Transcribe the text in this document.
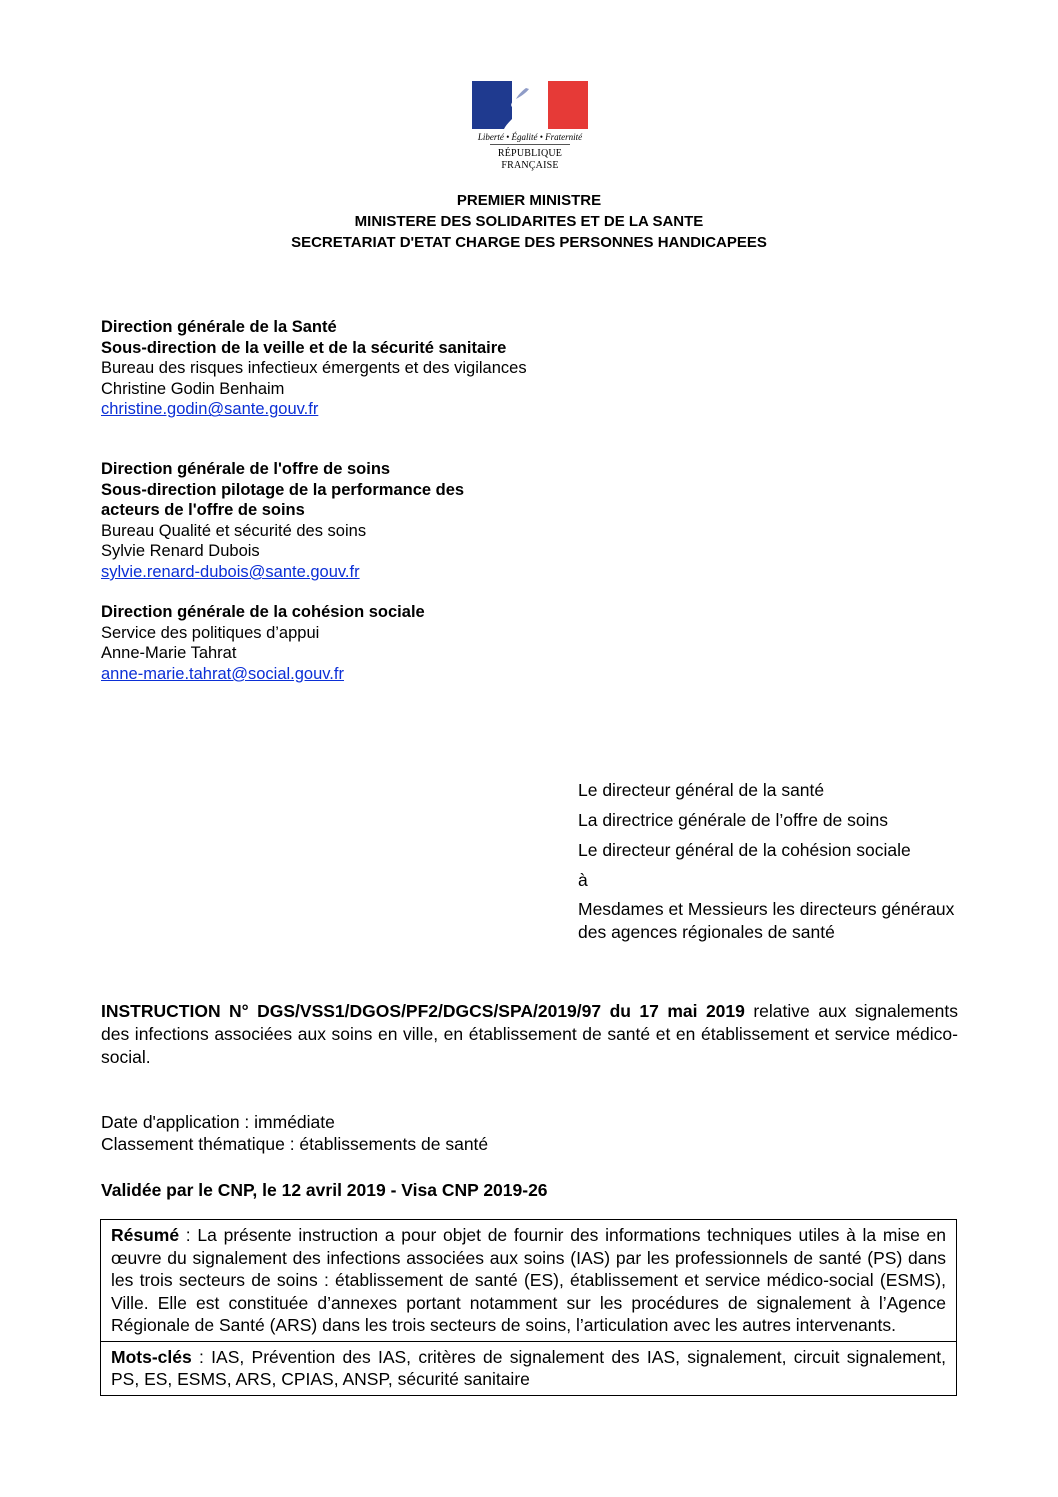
Liberté • Égalité • Fraternité
RÉPUBLIQUE FRANÇAISE
PREMIER MINISTRE
MINISTERE DES SOLIDARITES ET DE LA SANTE
SECRETARIAT D'ETAT CHARGE DES PERSONNES HANDICAPEES
Direction générale de la Santé
Sous-direction de la veille et de la sécurité sanitaire
Bureau des risques infectieux émergents et des vigilances
Christine Godin Benhaim
christine.godin@sante.gouv.fr
Direction générale de l'offre de soins
Sous-direction pilotage de la performance des acteurs de l'offre de soins
Bureau Qualité et sécurité des soins
Sylvie Renard Dubois
sylvie.renard-dubois@sante.gouv.fr
Direction générale de la cohésion sociale
Service des politiques d’appui
Anne-Marie Tahrat
anne-marie.tahrat@social.gouv.fr
Le directeur général de la santé
La directrice générale de l’offre de soins
Le directeur général de la cohésion sociale
à
Mesdames et Messieurs les directeurs généraux des agences régionales de santé
INSTRUCTION N° DGS/VSS1/DGOS/PF2/DGCS/SPA/2019/97 du 17 mai 2019 relative aux signalements des infections associées aux soins en ville, en établissement de santé et en établissement et service médico-social.
Date d'application : immédiate
Classement thématique : établissements de santé
Validée par le CNP, le 12 avril 2019 - Visa CNP 2019-26
Résumé : La présente instruction a pour objet de fournir des informations techniques utiles à la mise en œuvre du signalement des infections associées aux soins (IAS) par les professionnels de santé (PS) dans les trois secteurs de soins : établissement de santé (ES), établissement et service médico-social (ESMS), Ville. Elle est constituée d’annexes portant notamment sur les procédures de signalement à l’Agence Régionale de Santé (ARS) dans les trois secteurs de soins, l’articulation avec les autres intervenants.
Mots-clés : IAS, Prévention des IAS, critères de signalement des IAS, signalement, circuit signalement, PS, ES, ESMS, ARS, CPIAS, ANSP, sécurité sanitaire
